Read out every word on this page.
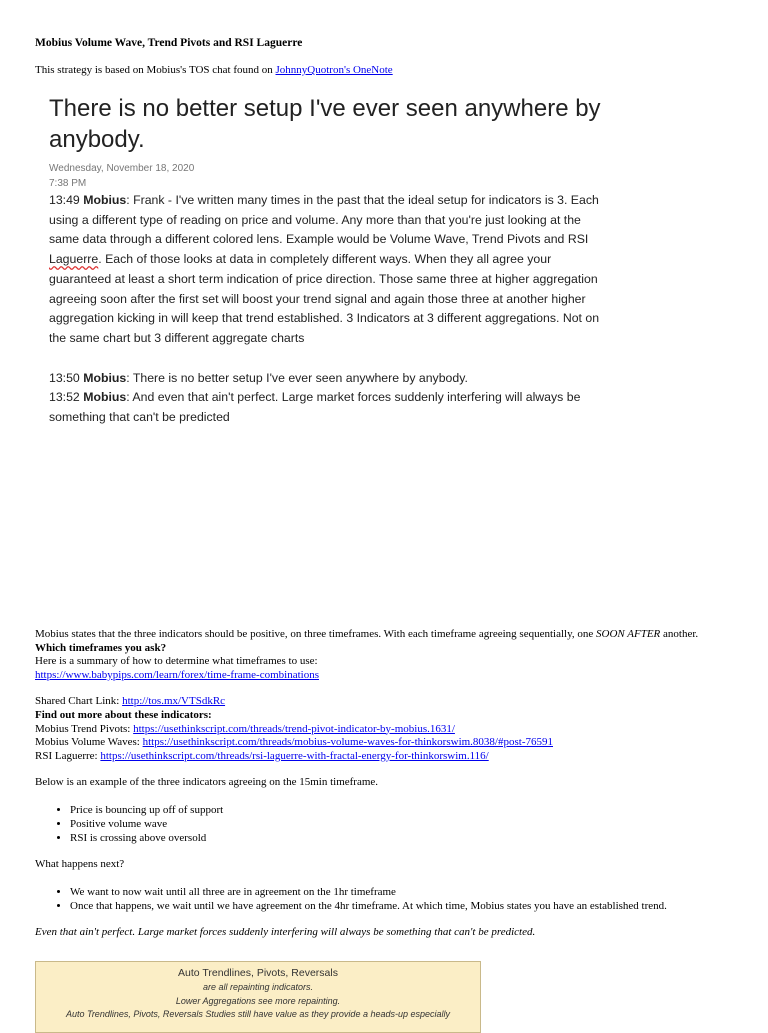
Mobius Volume Wave, Trend Pivots and RSI Laguerre
This strategy is based on Mobius's TOS chat found on JohnnyQuotron's OneNote
There is no better setup I've ever seen anywhere by anybody.
Wednesday, November 18, 2020
7:38 PM
13:49 Mobius: Frank - I've written many times in the past that the ideal setup for indicators is 3. Each using a different type of reading on price and volume. Any more than that you're just looking at the same data through a different colored lens. Example would be Volume Wave, Trend Pivots and RSI Laguerre. Each of those looks at data in completely different ways. When they all agree your guaranteed at least a short term indication of price direction. Those same three at higher aggregation agreeing soon after the first set will boost your trend signal and again those three at another higher aggregation kicking in will keep that trend established. 3 Indicators at 3 different aggregations. Not on the same chart but 3 different aggregate charts
13:50 Mobius: There is no better setup I've ever seen anywhere by anybody.
13:52 Mobius: And even that ain't perfect. Large market forces suddenly interfering will always be something that can't be predicted

Mobius states that the three indicators should be positive, on three timeframes. With each timeframe agreeing sequentially, one SOON AFTER another.

Which timeframes you ask?

Here is a summary of how to determine what timeframes to use:

https://www.babypips.com/learn/forex/time-frame-combinations

Shared Chart Link: http://tos.mx/VTSdkRc

Find out more about these indicators:

Mobius Trend Pivots: https://usethinkscript.com/threads/trend-pivot-indicator-by-mobius.1631/

Mobius Volume Waves: https://usethinkscript.com/threads/mobius-volume-waves-for-thinkorswim.8038/#post-76591

RSI Laguerre: https://usethinkscript.com/threads/rsi-laguerre-with-fractal-energy-for-thinkorswim.116/

Below is an example of the three indicators agreeing on the 15min timeframe.

• Price is bouncing up off of support
• Positive volume wave
• RSI is crossing above oversold

What happens next?

• We want to now wait until all three are in agreement on the 1hr timeframe
• Once that happens, we wait until we have agreement on the 4hr timeframe. At which time, Mobius states you have an established trend.

Even that ain't perfect. Large market forces suddenly interfering will always be something that can't be predicted.

Auto Trendlines, Pivots, Reversals
are all repainting indicators.
Lower Aggregations see more repainting.
Auto Trendlines, Pivots, Reversals Studies still have value as they provide a heads-up especially
